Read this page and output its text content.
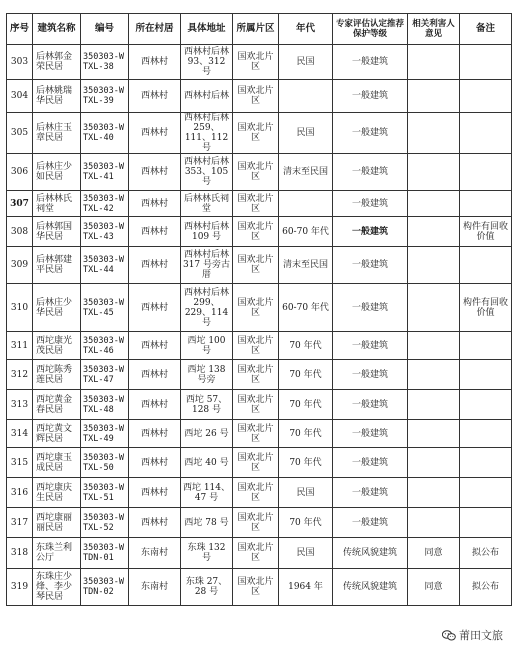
序号	建筑名称	编号	所在村居	具体地址	所属片区	年代	专家评估认定推荐保护等级	相关利害人意见	备注
303	后林郭金荣民居	350303-W TXL-38	西林村	西林村后林 93、312 号	国欢北片区	民国	一般建筑		
304	后林姚瑞华民居	350303-W TXL-39	西林村	西林村后林	国欢北片区		一般建筑		
305	后林庄玉章民居	350303-W TXL-40	西林村	西林村后林 259、111、112 号	国欢北片区	民国	一般建筑		
306	后林庄少如民居	350303-W TXL-41	西林村	西林村后林 353、105 号	国欢北片区	清末至民国	一般建筑		
307	后林林氏祠堂	350303-W TXL-42	西林村	后林林氏祠堂	国欢北片区		一般建筑		
308	后林郭国华民居	350303-W TXL-43	西林村	西林村后林 109 号	国欢北片区	60-70 年代	一般建筑		构件有回收价值
309	后林郭建平民居	350303-W TXL-44	西林村	西林村后林 317 号旁古厝	国欢北片区	清末至民国	一般建筑		
310	后林庄少华民居	350303-W TXL-45	西林村	西林村后林 299、229、114 号	国欢北片区	60-70 年代	一般建筑		构件有回收价值
311	西坨康光茂民居	350303-W TXL-46	西林村	西坨 100 号	国欢北片区	70 年代	一般建筑		
312	西坨陈秀莲民居	350303-W TXL-47	西林村	西坨 138 号旁	国欢北片区	70 年代	一般建筑		
313	西坨黄金春民居	350303-W TXL-48	西林村	西坨 57、128 号	国欢北片区	70 年代	一般建筑		
314	西坨黄文辉民居	350303-W TXL-49	西林村	西坨 26 号	国欢北片区	70 年代	一般建筑		
315	西坨康玉成民居	350303-W TXL-50	西林村	西坨 40 号	国欢北片区	70 年代	一般建筑		
316	西坨康庆生民居	350303-W TXL-51	西林村	西坨 114、47 号	国欢北片区	民国	一般建筑		
317	西坨康丽丽民居	350303-W TXL-52	西林村	西坨 78 号	国欢北片区	70 年代	一般建筑		
318	东珠兰利公厅	350303-W TDN-01	东南村	东珠 132 号	国欢北片区	民国	传统风貌建筑	同意	拟公布
319	东珠庄少烽、李少琴民居	350303-W TDN-02	东南村	东珠 27、28 号	国欢北片区	1964 年	传统风貌建筑	同意	拟公布
莆田文旅
